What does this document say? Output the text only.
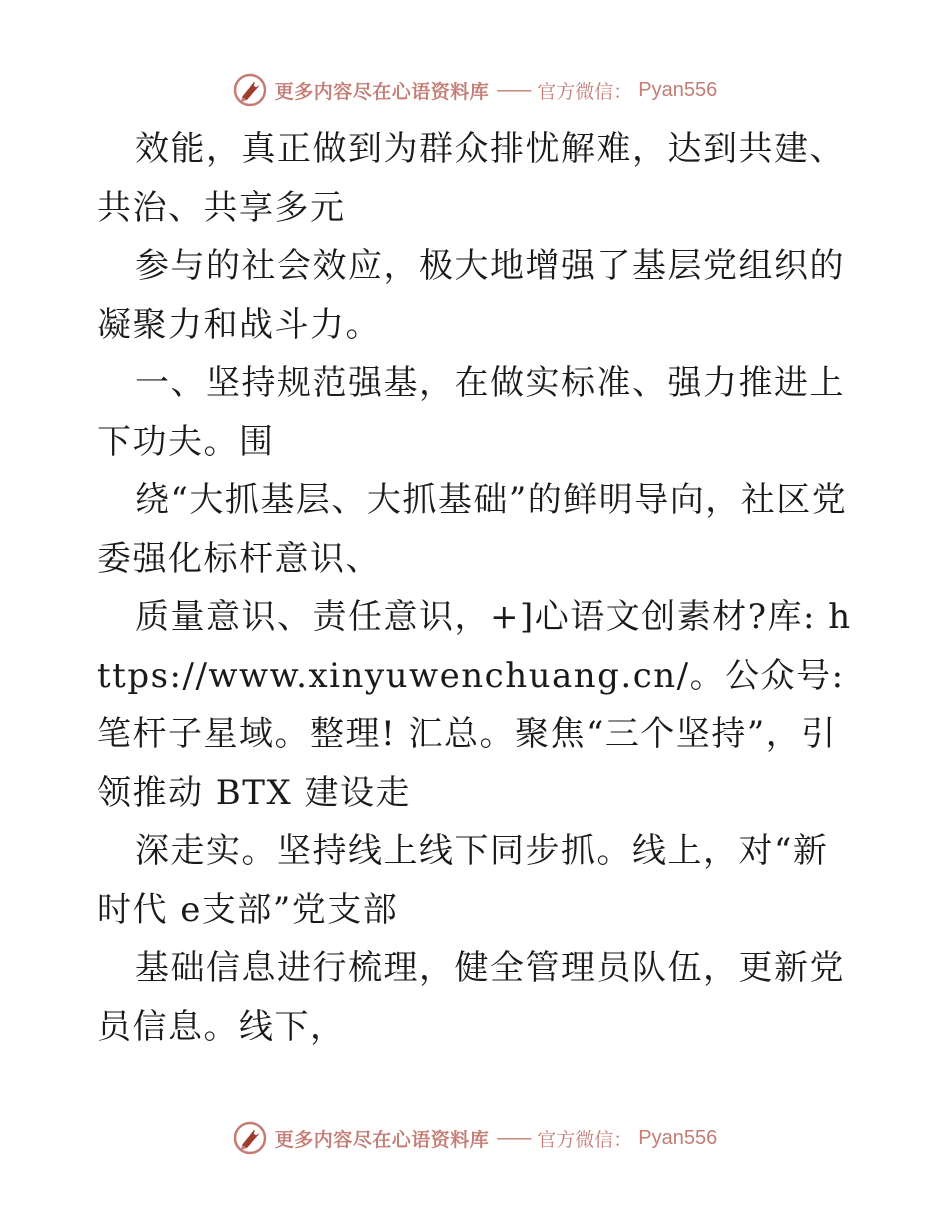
更多内容尽在心语资料库 —— 官方微信： Pyan556

效能，真正做到为群众排忧解难，达到共建、共治、共享多元

参与的社会效应，极大地增强了基层党组织的凝聚力和战斗力。

一、坚持规范强基，在做实标准、强力推进上下功夫。围

绕“大抓基层、大抓基础”的鲜明导向，社区党委强化标杆意识、

质量意识、责任意识，+]心语文创素材?库: https://www.xinyuwenchuang.cn/。公众号: 笔杆子星域。整理! 汇总。聚焦“三个坚持”，引领推动 BTX 建设走

深走实。坚持线上线下同步抓。线上，对“新时代 e支部”党支部

基础信息进行梳理，健全管理员队伍，更新党员信息。线下，

更多内容尽在心语资料库 —— 官方微信： Pyan556
